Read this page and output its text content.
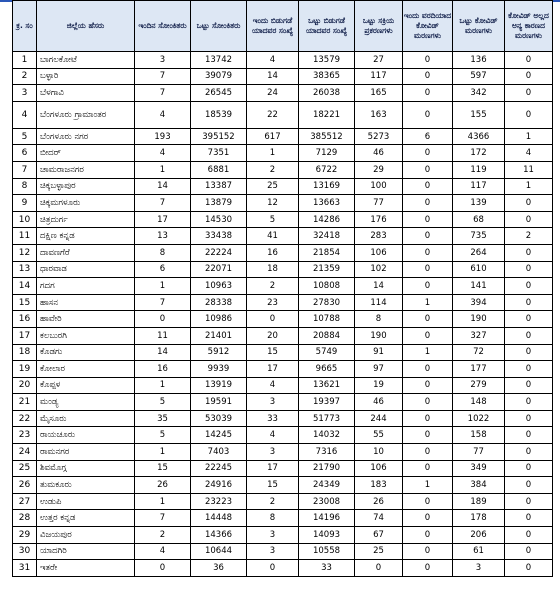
ಕ್ರ. ಸಂ	ಜಿಲ್ಲೆಯ ಹೆಸರು	ಇಂದಿನ ಸೋಂಕಿತರು	ಒಟ್ಟು ಸೋಂಕಿತರು	ಇಂದು ಬಿಡುಗಡೆ ಯಾದವರ ಸಂಖ್ಯೆ	ಒಟ್ಟು ಬಿಡುಗಡೆ ಯಾದವರ ಸಂಖ್ಯೆ	ಒಟ್ಟು ಸಕ್ರಿಯ ಪ್ರಕರಣಗಳು	ಇಂದು ವರದಿಯಾದ ಕೋವಿಡ್ ಮರಣಗಳು	ಒಟ್ಟು ಕೋವಿಡ್ ಮರಣಗಳು	ಕೋವಿಡ್ ಅಲ್ಲದ ಅನ್ಯ ಕಾರಣದ ಮರಣಗಳು
1	ಬಾಗಲಕೋಟೆ	3	13742	4	13579	27	0	136	0
2	ಬಳ್ಳಾರಿ	7	39079	14	38365	117	0	597	0
3	ಬೆಳಗಾವಿ	7	26545	24	26038	165	0	342	0
4	ಬೆಂಗಳೂರು ಗ್ರಾಮಾಂತರ	4	18539	22	18221	163	0	155	0
5	ಬೆಂಗಳೂರು ನಗರ	193	395152	617	385512	5273	6	4366	1
6	ಬೀದರ್	4	7351	1	7129	46	0	172	4
7	ಚಾಮರಾಜನಗರ	1	6881	2	6722	29	0	119	11
8	ಚಿಕ್ಕಬಳ್ಳಾಪುರ	14	13387	25	13169	100	0	117	1
9	ಚಿಕ್ಕಮಗಳೂರು	7	13879	12	13663	77	0	139	0
10	ಚಿತ್ರದುರ್ಗ	17	14530	5	14286	176	0	68	0
11	ದಕ್ಷಿಣ ಕನ್ನಡ	13	33438	41	32418	283	0	735	2
12	ದಾವಣಗೆರೆ	8	22224	16	21854	106	0	264	0
13	ಧಾರವಾಡ	6	22071	18	21359	102	0	610	0
14	ಗದಗ	1	10963	2	10808	14	0	141	0
15	ಹಾಸನ	7	28338	23	27830	114	1	394	0
16	ಹಾವೇರಿ	0	10986	0	10788	8	0	190	0
17	ಕಲಬುರಗಿ	11	21401	20	20884	190	0	327	0
18	ಕೊಡಗು	14	5912	15	5749	91	1	72	0
19	ಕೋಲಾರ	16	9939	17	9665	97	0	177	0
20	ಕೊಪ್ಪಳ	1	13919	4	13621	19	0	279	0
21	ಮಂಡ್ಯ	5	19591	3	19397	46	0	148	0
22	ಮೈಸೂರು	35	53039	33	51773	244	0	1022	0
23	ರಾಯಚೂರು	5	14245	4	14032	55	0	158	0
24	ರಾಮನಗರ	1	7403	3	7316	10	0	77	0
25	ಶಿವಮೊಗ್ಗ	15	22245	17	21790	106	0	349	0
26	ತುಮಕೂರು	26	24916	15	24349	183	1	384	0
27	ಉಡುಪಿ	1	23223	2	23008	26	0	189	0
28	ಉತ್ತರ ಕನ್ನಡ	7	14448	8	14196	74	0	178	0
29	ವಿಜಯಪುರ	2	14366	3	14093	67	0	206	0
30	ಯಾದಗಿರಿ	4	10644	3	10558	25	0	61	0
31	ಇತರೇ	0	36	0	33	0	0	3	0
